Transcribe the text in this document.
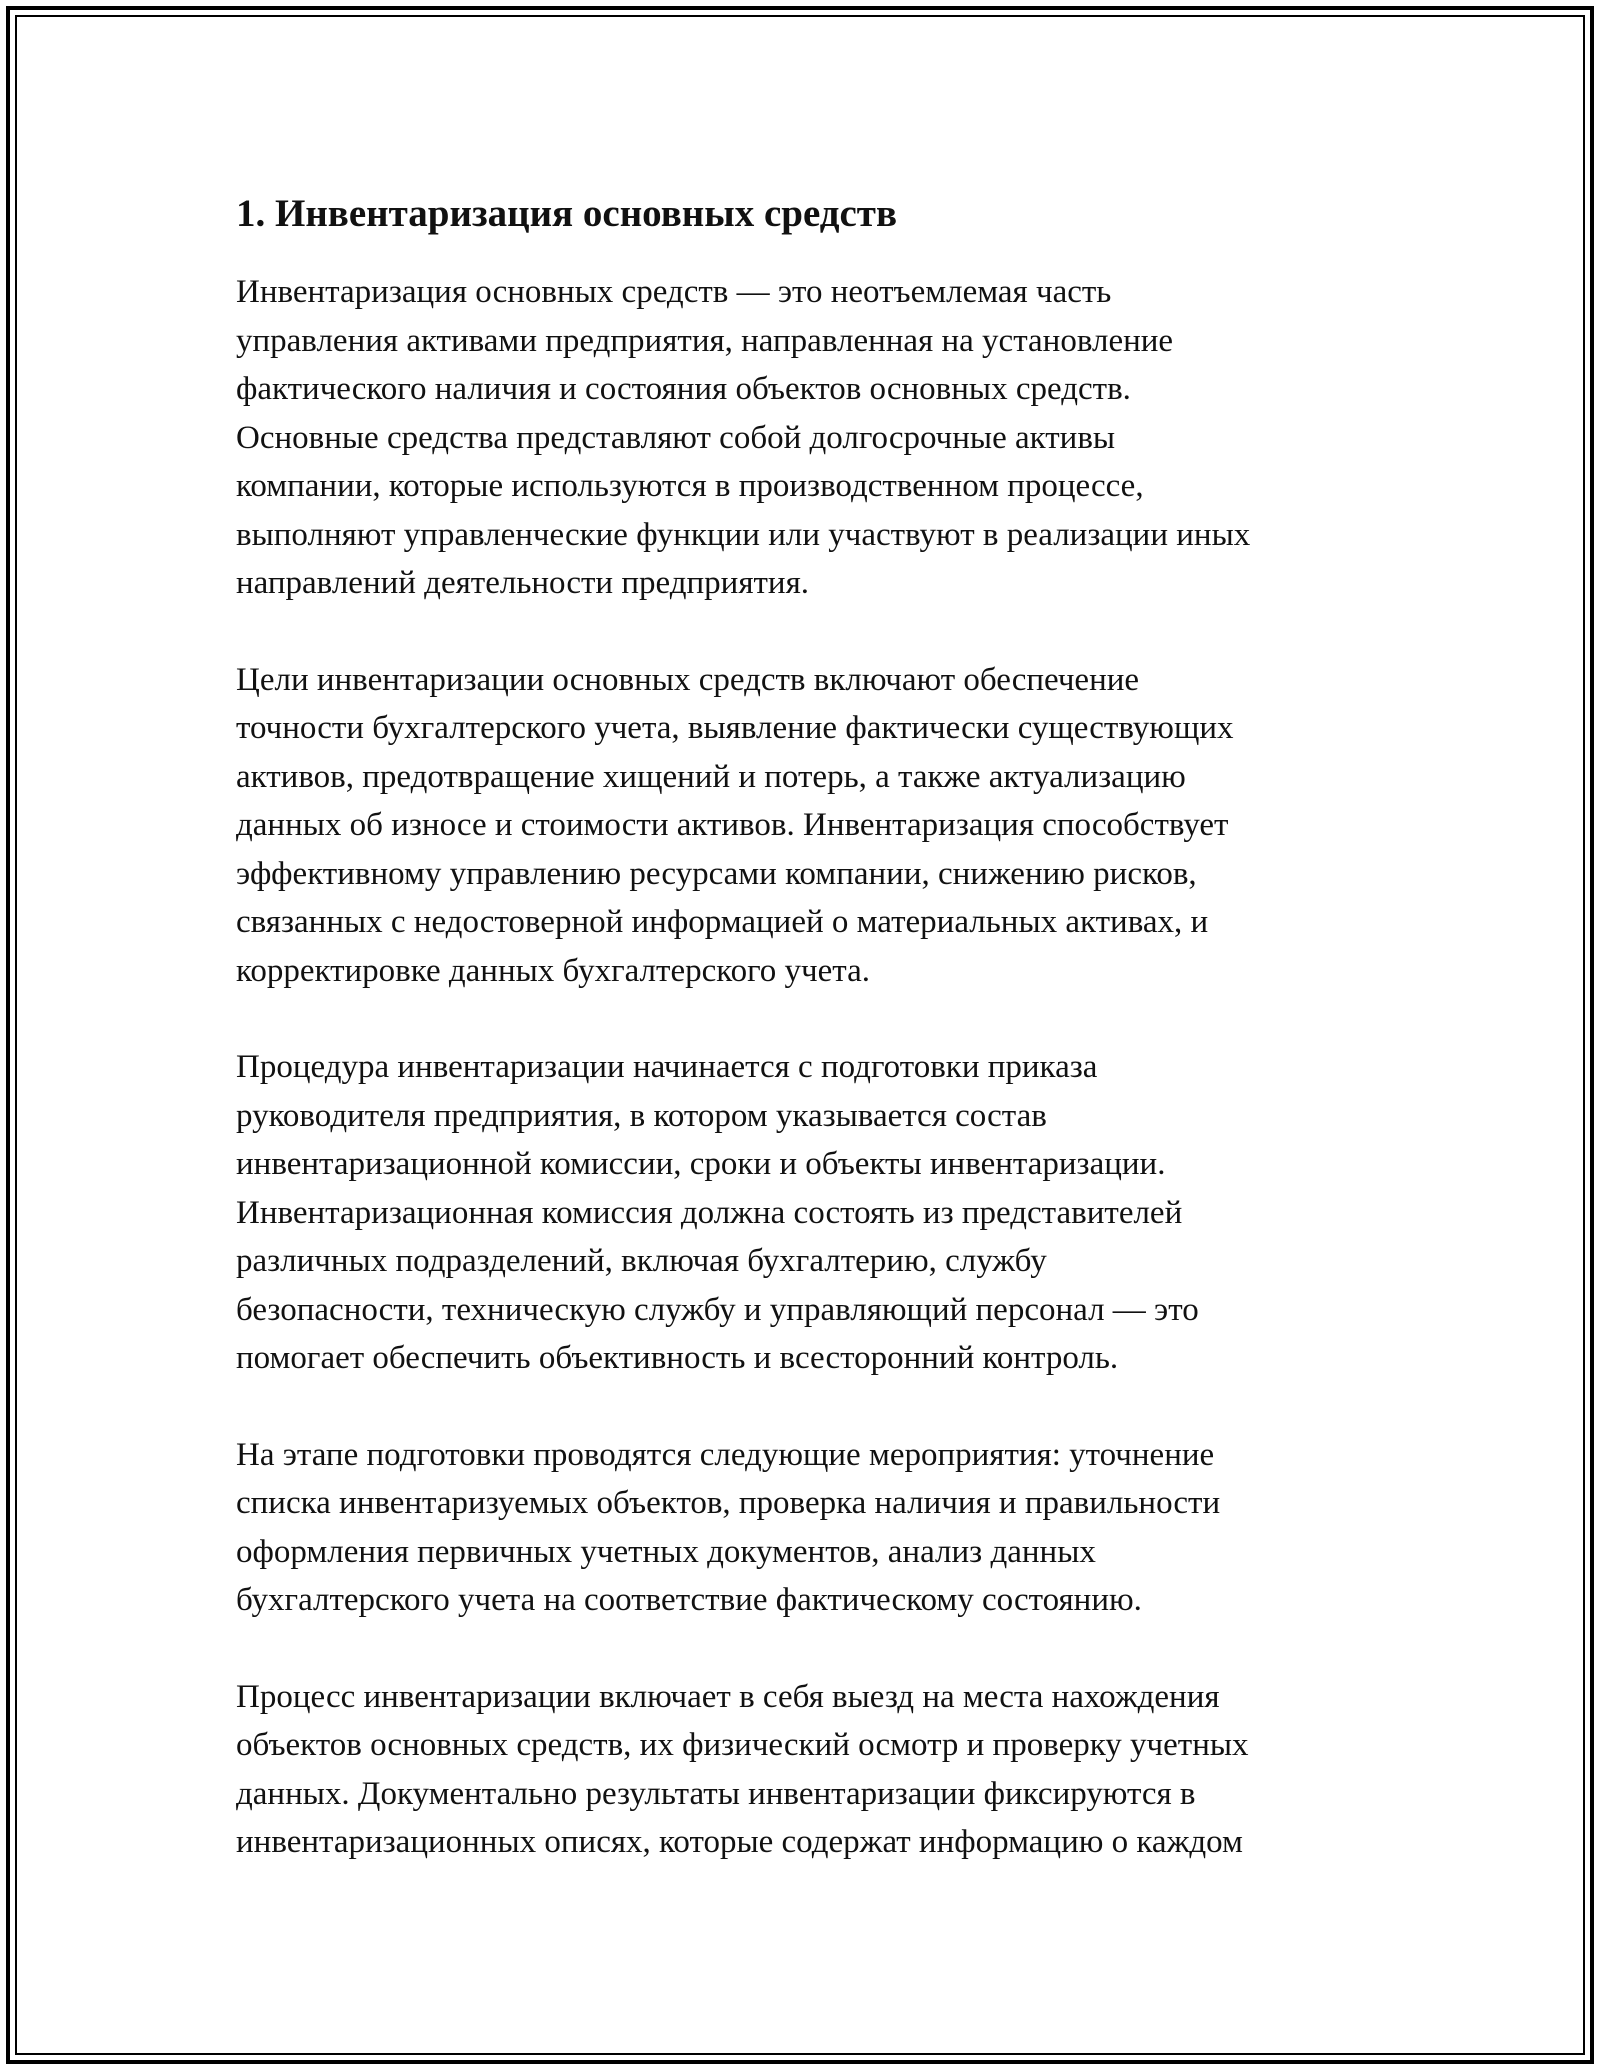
1. Инвентаризация основных средств

Инвентаризация основных средств — это неотъемлемая часть
управления активами предприятия, направленная на установление
фактического наличия и состояния объектов основных средств.
Основные средства представляют собой долгосрочные активы
компании, которые используются в производственном процессе,
выполняют управленческие функции или участвуют в реализации иных
направлений деятельности предприятия.

Цели инвентаризации основных средств включают обеспечение
точности бухгалтерского учета, выявление фактически существующих
активов, предотвращение хищений и потерь, а также актуализацию
данных об износе и стоимости активов. Инвентаризация способствует
эффективному управлению ресурсами компании, снижению рисков,
связанных с недостоверной информацией о материальных активах, и
корректировке данных бухгалтерского учета.

Процедура инвентаризации начинается с подготовки приказа
руководителя предприятия, в котором указывается состав
инвентаризационной комиссии, сроки и объекты инвентаризации.
Инвентаризационная комиссия должна состоять из представителей
различных подразделений, включая бухгалтерию, службу
безопасности, техническую службу и управляющий персонал — это
помогает обеспечить объективность и всесторонний контроль.

На этапе подготовки проводятся следующие мероприятия: уточнение
списка инвентаризуемых объектов, проверка наличия и правильности
оформления первичных учетных документов, анализ данных
бухгалтерского учета на соответствие фактическому состоянию.

Процесс инвентаризации включает в себя выезд на места нахождения
объектов основных средств, их физический осмотр и проверку учетных
данных. Документально результаты инвентаризации фиксируются в
инвентаризационных описях, которые содержат информацию о каждом
